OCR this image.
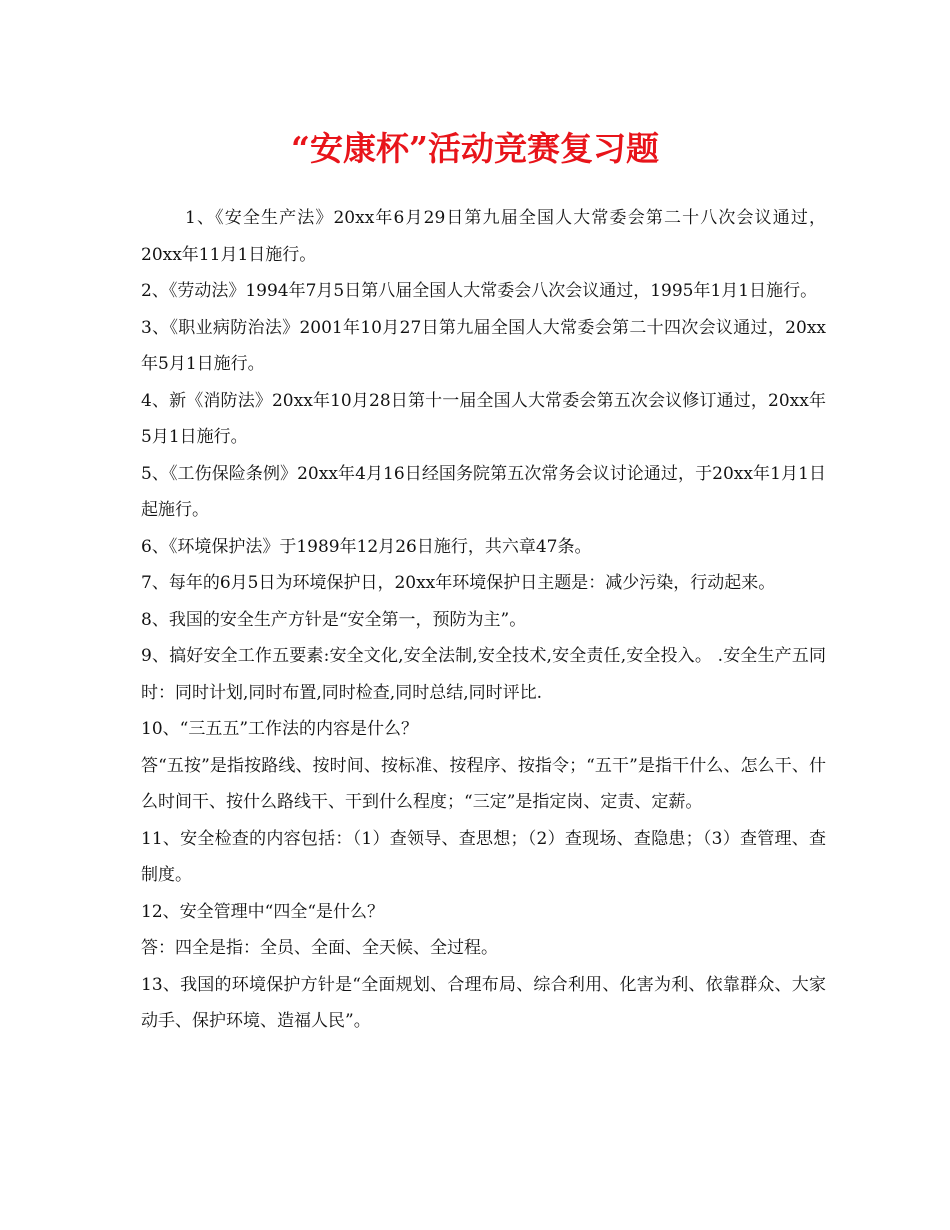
“安康杯”活动竞赛复习题

1、《安全生产法》20xx年6月29日第九届全国人大常委会第二十八次会议通过，20xx年11月1日施行。

2、《劳动法》1994年7月5日第八届全国人大常委会八次会议通过，1995年1月1日施行。

3、《职业病防治法》2001年10月27日第九届全国人大常委会第二十四次会议通过，20xx年5月1日施行。

4、新《消防法》20xx年10月28日第十一届全国人大常委会第五次会议修订通过，20xx年5月1日施行。

5、《工伤保险条例》20xx年4月16日经国务院第五次常务会议讨论通过，于20xx年1月1日起施行。

6、《环境保护法》于1989年12月26日施行，共六章47条。

7、每年的6月5日为环境保护日，20xx年环境保护日主题是：减少污染，行动起来。

8、我国的安全生产方针是“安全第一，预防为主”。

9、搞好安全工作五要素:安全文化,安全法制,安全技术,安全责任,安全投入。 .安全生产五同时：同时计划,同时布置,同时检查,同时总结,同时评比.

10、“三五五”工作法的内容是什么？

答“五按”是指按路线、按时间、按标准、按程序、按指令；“五干”是指干什么、怎么干、什么时间干、按什么路线干、干到什么程度；“三定”是指定岗、定责、定薪。

11、安全检查的内容包括：（1）查领导、查思想；（2）查现场、查隐患；（3）查管理、查制度。

12、安全管理中“四全“是什么？

答：四全是指：全员、全面、全天候、全过程。

13、我国的环境保护方针是“全面规划、合理布局、综合利用、化害为利、依靠群众、大家动手、保护环境、造福人民”。
